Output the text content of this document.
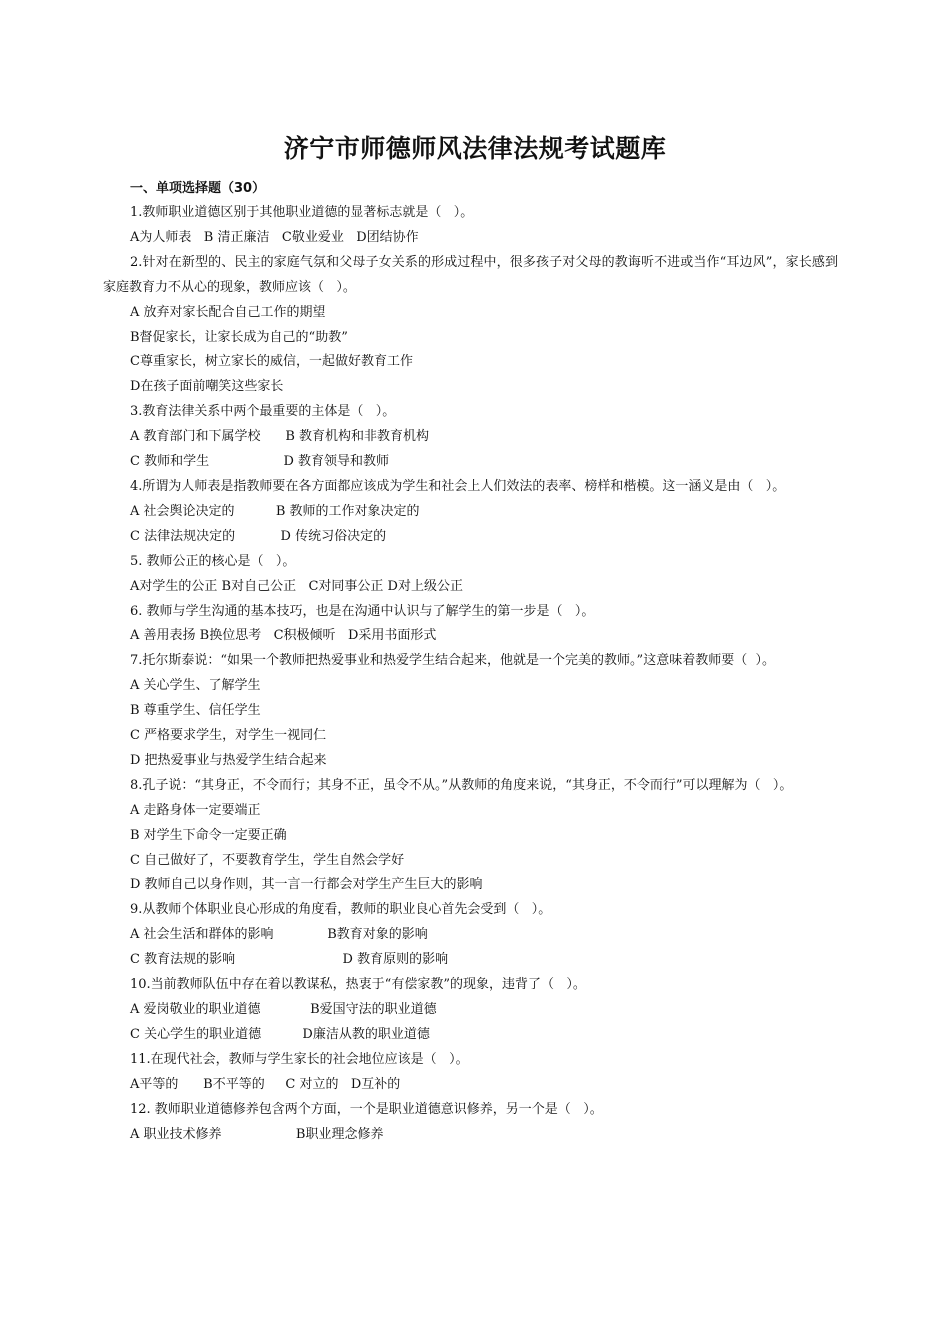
济宁市师德师风法律法规考试题库
一、单项选择题（30）
1.教师职业道德区别于其他职业道德的显著标志就是（   ）。
A为人师表   B 清正廉洁   C敬业爱业   D团结协作
2.针对在新型的、民主的家庭气氛和父母子女关系的形成过程中，很多孩子对父母的教诲听不进或当作“耳边风”，家长感到家庭教育力不从心的现象，教师应该（   ）。
A 放弃对家长配合自己工作的期望
B督促家长，让家长成为自己的“助教”
C尊重家长，树立家长的威信，一起做好教育工作
D在孩子面前嘲笑这些家长
3.教育法律关系中两个最重要的主体是（   ）。
A 教育部门和下属学校      B 教育机构和非教育机构
C 教师和学生                  D 教育领导和教师
4.所谓为人师表是指教师要在各方面都应该成为学生和社会上人们效法的表率、榜样和楷模。这一涵义是由（   ）。
A 社会舆论决定的          B 教师的工作对象决定的
C 法律法规决定的           D 传统习俗决定的
5. 教师公正的核心是（   ）。
A对学生的公正 B对自己公正   C对同事公正 D对上级公正
6. 教师与学生沟通的基本技巧，也是在沟通中认识与了解学生的第一步是（   ）。
A 善用表扬 B换位思考   C积极倾听   D采用书面形式
7.托尔斯泰说：“如果一个教师把热爱事业和热爱学生结合起来，他就是一个完美的教师。”这意味着教师要（  ）。
A 关心学生、了解学生
B 尊重学生、信任学生
C 严格要求学生，对学生一视同仁
D 把热爱事业与热爱学生结合起来
8.孔子说：“其身正，不令而行；其身不正，虽令不从。”从教师的角度来说，“其身正，不令而行”可以理解为（   ）。
A 走路身体一定要端正
B 对学生下命令一定要正确
C 自己做好了，不要教育学生，学生自然会学好
D 教师自己以身作则，其一言一行都会对学生产生巨大的影响
9.从教师个体职业良心形成的角度看，教师的职业良心首先会受到（   ）。
A 社会生活和群体的影响             B教育对象的影响
C 教育法规的影响                          D 教育原则的影响
10.当前教师队伍中存在着以教谋私，热衷于“有偿家教”的现象，违背了（   ）。
A 爱岗敬业的职业道德            B爱国守法的职业道德
C 关心学生的职业道德          D廉洁从教的职业道德
11.在现代社会，教师与学生家长的社会地位应该是（   ）。
A平等的      B不平等的     C 对立的   D互补的
12. 教师职业道德修养包含两个方面，一个是职业道德意识修养，另一个是（   ）。
A 职业技术修养                  B职业理念修养
